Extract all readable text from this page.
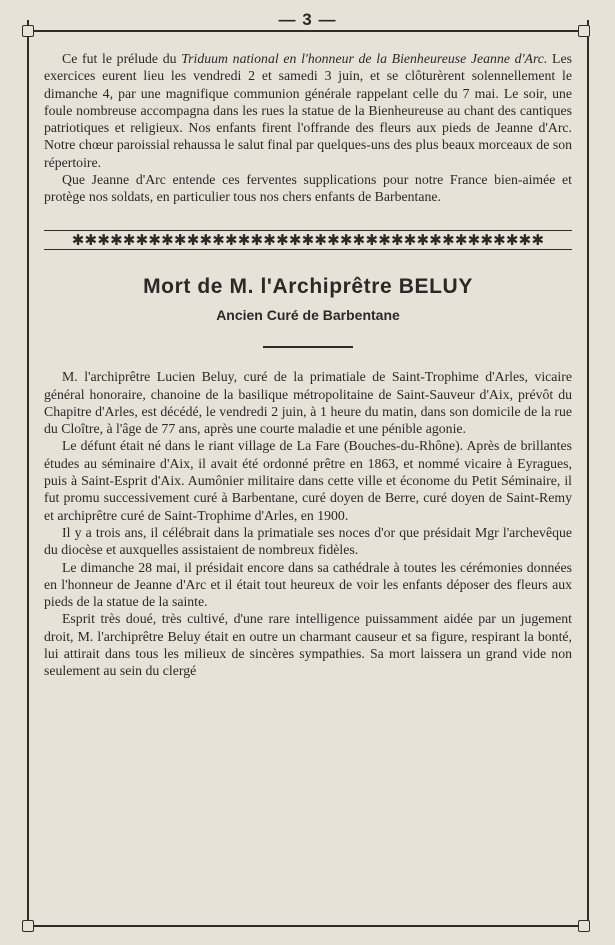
— 3 —

Ce fut le prélude du Triduum national en l'honneur de la Bienheureuse Jeanne d'Arc. Les exercices eurent lieu les vendredi 2 et samedi 3 juin, et se clôturèrent solennellement le dimanche 4, par une magnifique communion générale rappelant celle du 7 mai. Le soir, une foule nombreuse accompagna dans les rues la statue de la Bienheureuse au chant des cantiques patriotiques et religieux. Nos enfants firent l'offrande des fleurs aux pieds de Jeanne d'Arc. Notre chœur paroissial rehaussa le salut final par quelques-uns des plus beaux morceaux de son répertoire.

Que Jeanne d'Arc entende ces ferventes supplications pour notre France bien-aimée et protège nos soldats, en particulier tous nos chers enfants de Barbentane.

✱✱✱✱✱✱✱✱✱✱✱✱✱✱✱✱✱✱✱✱✱✱✱✱✱✱✱✱✱✱✱✱✱✱✱✱✱
Mort de M. l'Archiprêtre BELUY
Ancien Curé de Barbentane

M. l'archiprêtre Lucien Beluy, curé de la primatiale de Saint-Trophime d'Arles, vicaire général honoraire, chanoine de la basilique métropolitaine de Saint-Sauveur d'Aix, prévôt du Chapitre d'Arles, est décédé, le vendredi 2 juin, à 1 heure du matin, dans son domicile de la rue du Cloître, à l'âge de 77 ans, après une courte maladie et une pénible agonie.

Le défunt était né dans le riant village de La Fare (Bouches-du-Rhône). Après de brillantes études au séminaire d'Aix, il avait été ordonné prêtre en 1863, et nommé vicaire à Eyragues, puis à Saint-Esprit d'Aix. Aumônier militaire dans cette ville et économe du Petit Séminaire, il fut promu successivement curé à Barbentane, curé doyen de Berre, curé doyen de Saint-Remy et archiprêtre curé de Saint-Trophime d'Arles, en 1900.

Il y a trois ans, il célébrait dans la primatiale ses noces d'or que présidait Mgr l'archevêque du diocèse et auxquelles assistaient de nombreux fidèles.

Le dimanche 28 mai, il présidait encore dans sa cathédrale à toutes les cérémonies données en l'honneur de Jeanne d'Arc et il était tout heureux de voir les enfants déposer des fleurs aux pieds de la statue de la sainte.

Esprit très doué, très cultivé, d'une rare intelligence puissamment aidée par un jugement droit, M. l'archiprêtre Beluy était en outre un charmant causeur et sa figure, respirant la bonté, lui attirait dans tous les milieux de sincères sympathies. Sa mort laissera un grand vide non seulement au sein du clergé
